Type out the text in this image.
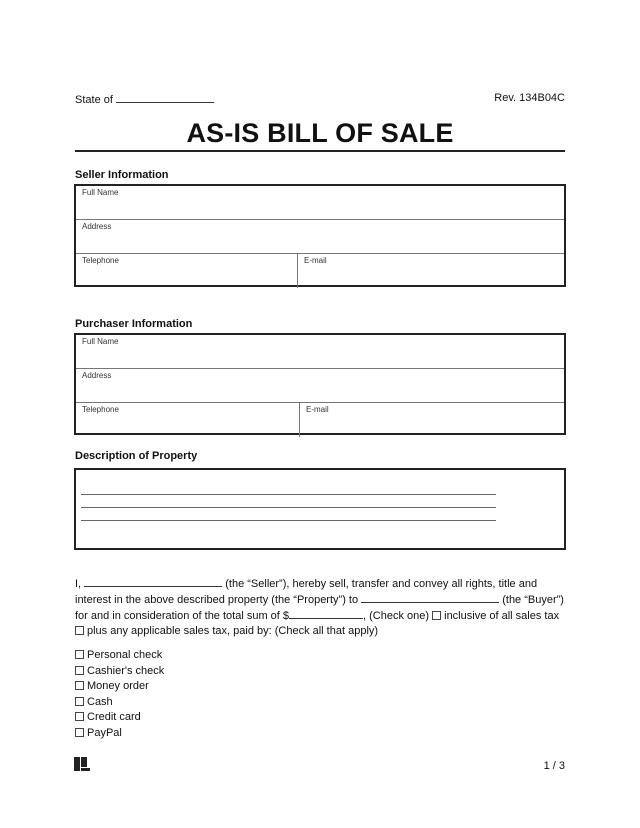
State of	Rev. 134B04C
AS-IS BILL OF SALE
Seller Information
Full Name
Address
Telephone	E-mail
Purchaser Information
Full Name
Address
Telephone	E-mail
Description of Property
I,	(the “Seller”), hereby sell, transfer and convey all rights, title and interest in the above described property (the “Property”) to	(the “Buyer”) for and in consideration of the total sum of $	, (Check one) inclusive of all sales tax plus any applicable sales tax, paid by: (Check all that apply)
Personal check
Cashier's check
Money order
Cash
Credit card
PayPal
1 / 3
